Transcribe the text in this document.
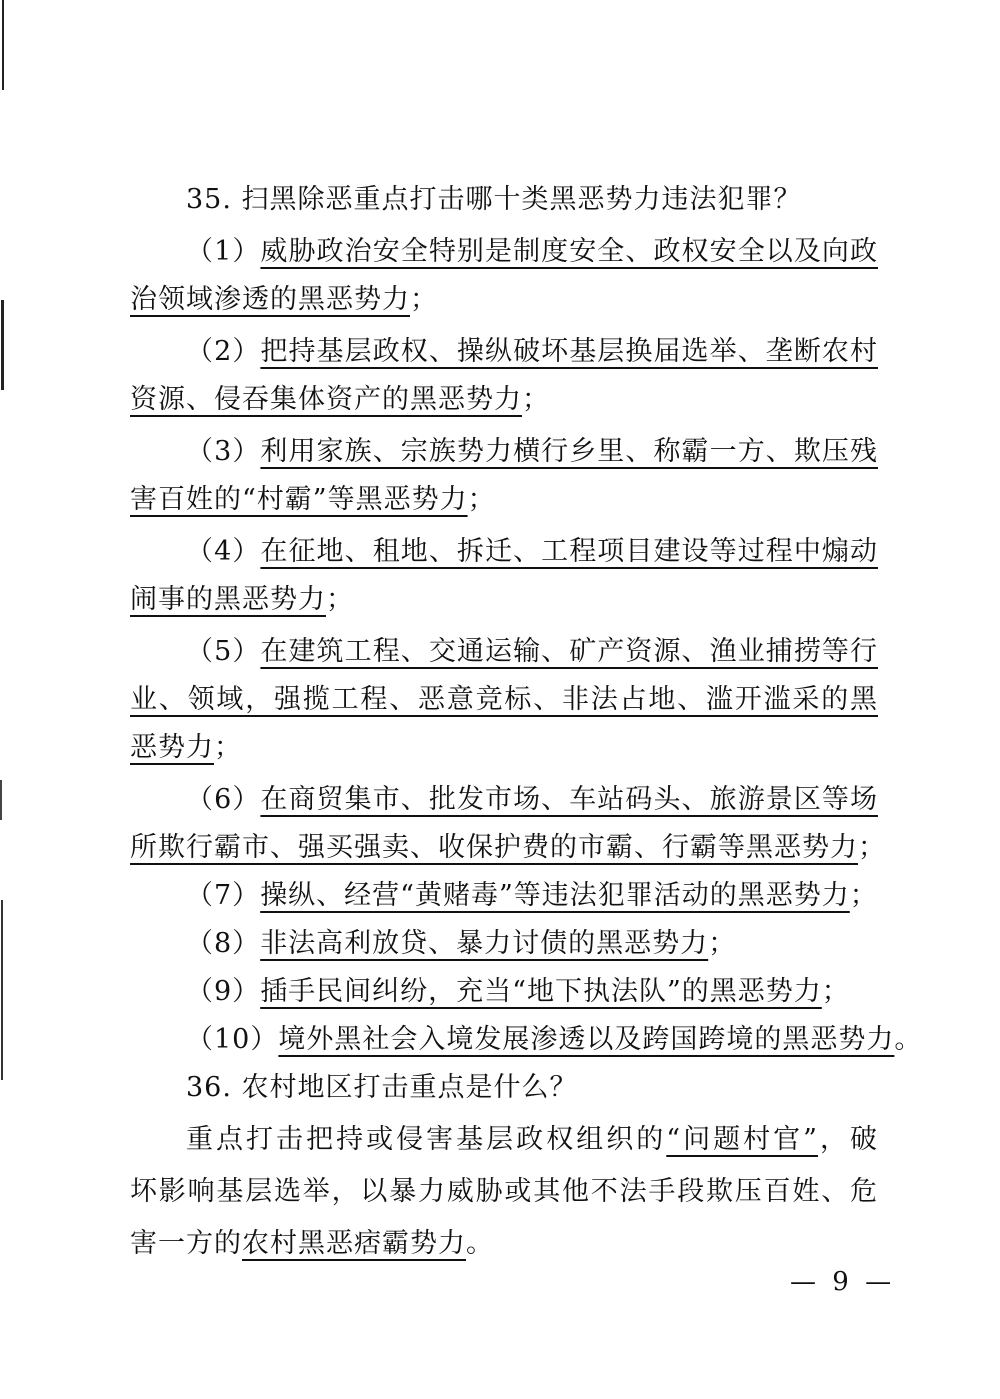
35. 扫黑除恶重点打击哪十类黑恶势力违法犯罪？
（1）威胁政治安全特别是制度安全、政权安全以及向政
治领域渗透的黑恶势力；
（2）把持基层政权、操纵破坏基层换届选举、垄断农村
资源、侵吞集体资产的黑恶势力；
（3）利用家族、宗族势力横行乡里、称霸一方、欺压残
害百姓的“村霸”等黑恶势力；
（4）在征地、租地、拆迁、工程项目建设等过程中煽动
闹事的黑恶势力；
（5）在建筑工程、交通运输、矿产资源、渔业捕捞等行
业、领域，强揽工程、恶意竞标、非法占地、滥开滥采的黑
恶势力；
（6）在商贸集市、批发市场、车站码头、旅游景区等场
所欺行霸市、强买强卖、收保护费的市霸、行霸等黑恶势力；
（7）操纵、经营“黄赌毒”等违法犯罪活动的黑恶势力；
（8）非法高利放贷、暴力讨债的黑恶势力；
（9）插手民间纠纷，充当“地下执法队”的黑恶势力；
（10）境外黑社会入境发展渗透以及跨国跨境的黑恶势力。
36. 农村地区打击重点是什么？
重点打击把持或侵害基层政权组织的“问题村官”，破
坏影响基层选举，以暴力威胁或其他不法手段欺压百姓、危
害一方的农村黑恶痞霸势力。
— 9 —
